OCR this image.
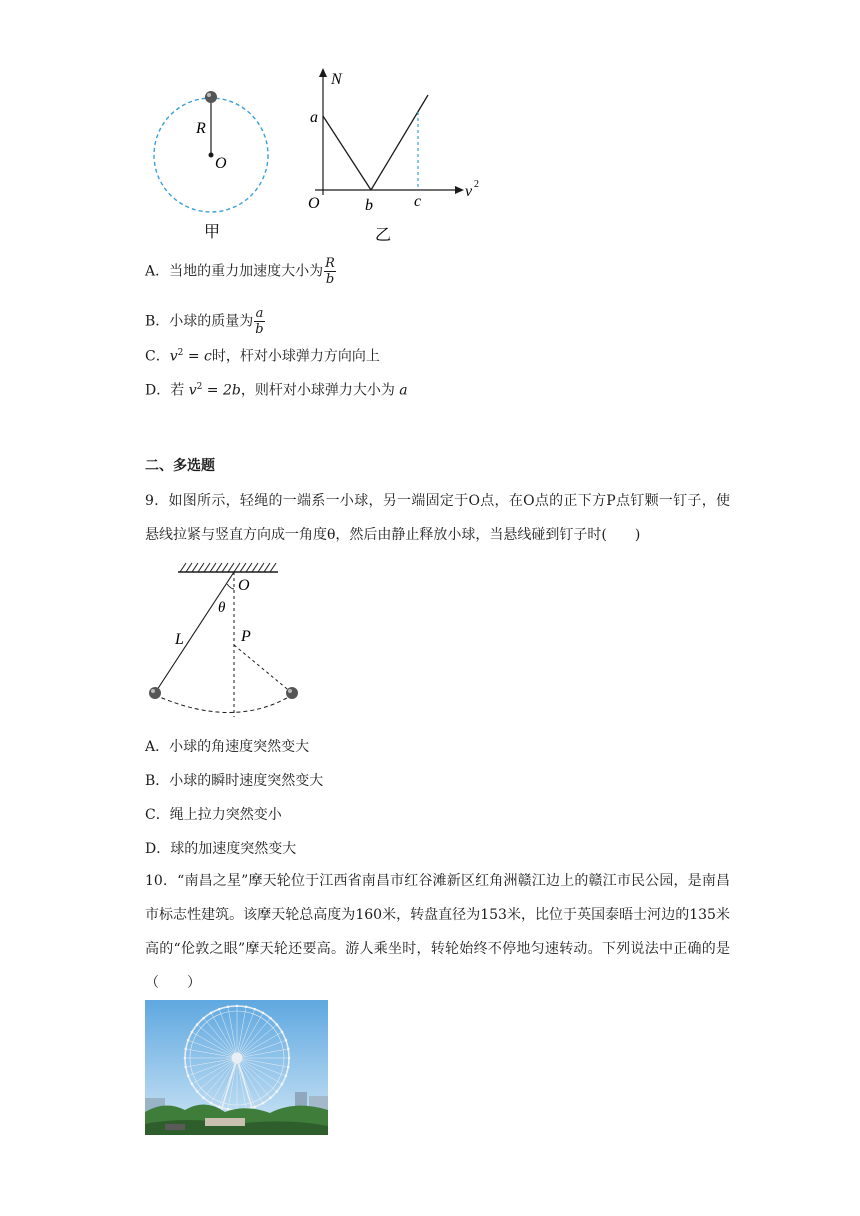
R
O
甲
N
a
O	b	c
v 2
乙
A．当地的重力加速度大小为 $\frac{R}{b}$
B．小球的质量为 $\frac{a}{b}$
C．$v^2 = c$时，杆对小球弹力方向向上
D．若 $v^2 = 2b$，则杆对小球弹力大小为 a
二、多选题
9．如图所示，轻绳的一端系一小球，另一端固定于O点，在O点的正下方P点钉颗一钉子，使悬线拉紧与竖直方向成一角度θ，然后由静止释放小球，当悬线碰到钉子时(　　)
O
θ
L	P
A．小球的角速度突然变大
B．小球的瞬时速度突然变大
C．绳上拉力突然变小
D．球的加速度突然变大
10．“南昌之星”摩天轮位于江西省南昌市红谷滩新区红角洲赣江边上的赣江市民公园，是南昌市标志性建筑。该摩天轮总高度为160米，转盘直径为153米，比位于英国泰晤士河边的135米高的“伦敦之眼”摩天轮还要高。游人乘坐时，转轮始终不停地匀速转动。下列说法中正确的是（　　）
